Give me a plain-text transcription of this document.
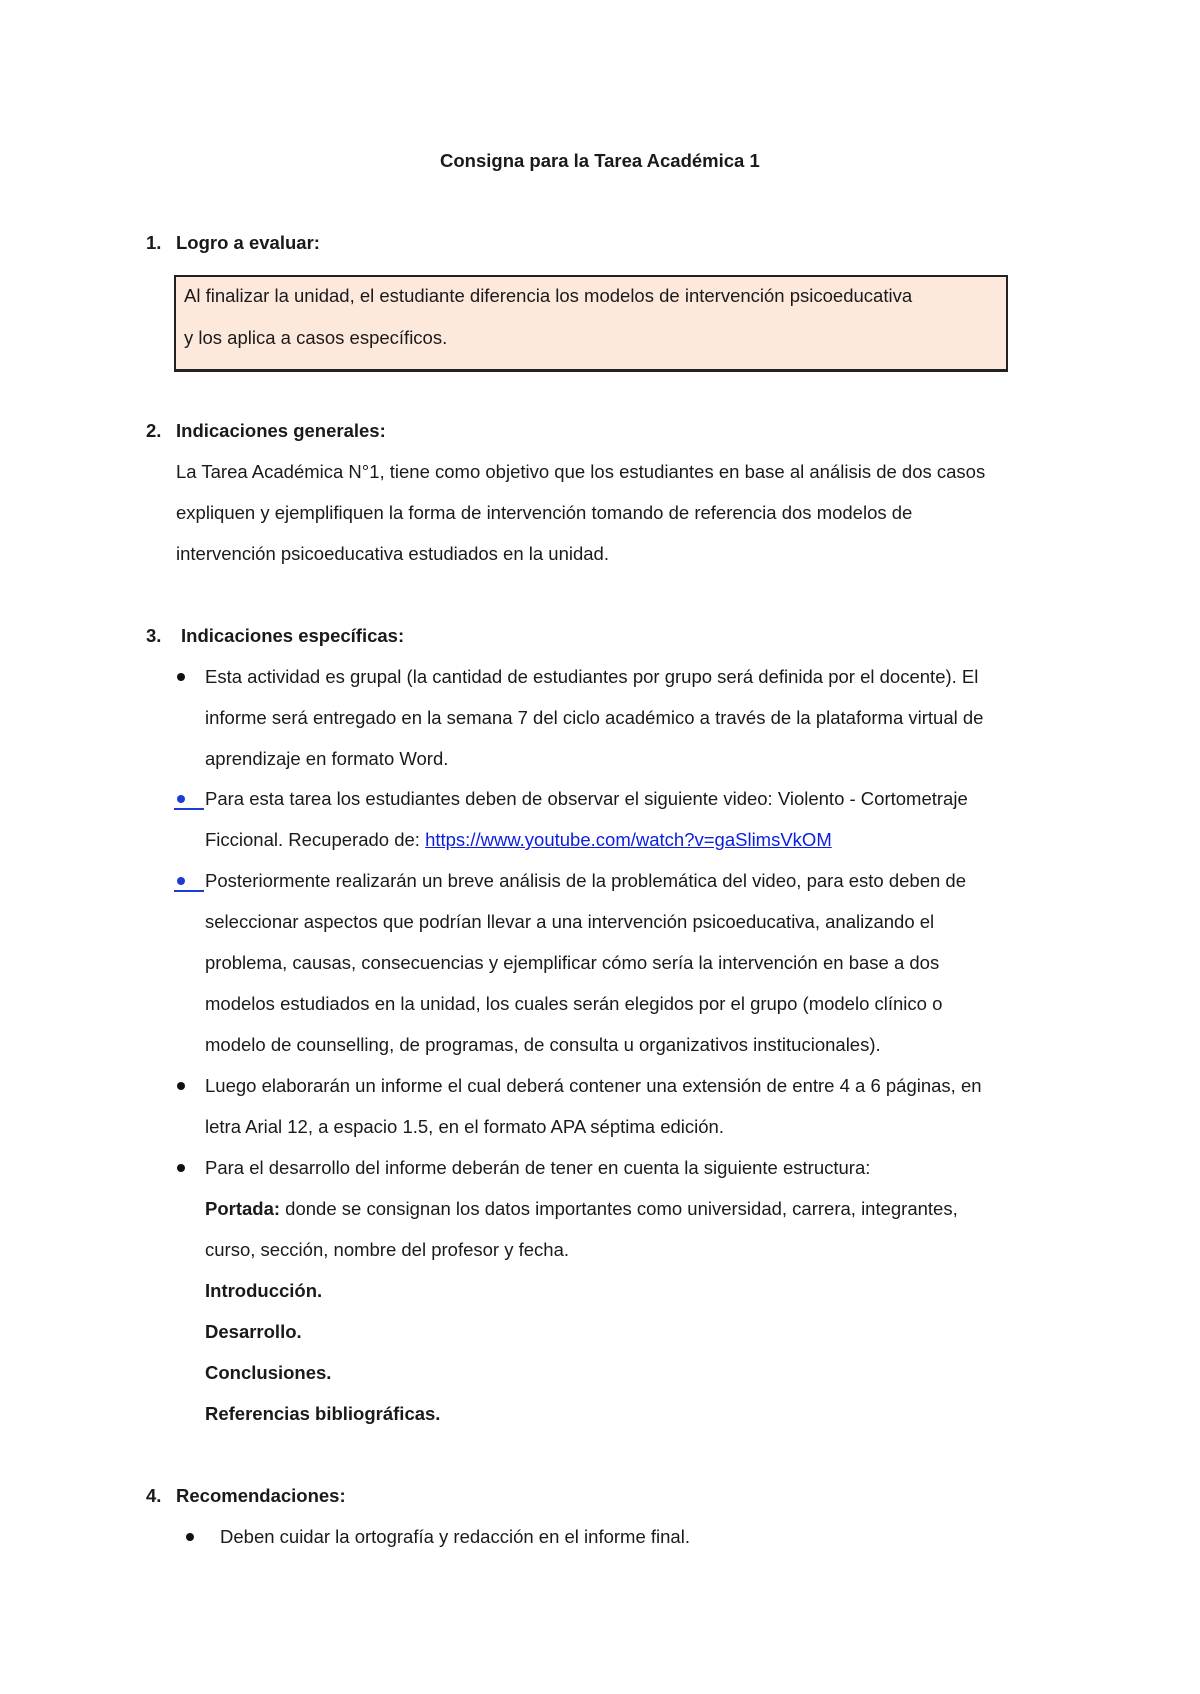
Consigna para la Tarea Académica 1
1. Logro a evaluar:
Al finalizar la unidad, el estudiante diferencia los modelos de intervención psicoeducativa
y los aplica a casos específicos.
2. Indicaciones generales:
La Tarea Académica N°1, tiene como objetivo que los estudiantes en base al análisis de dos casos
expliquen y ejemplifiquen la forma de intervención tomando de referencia dos modelos de
intervención psicoeducativa estudiados en la unidad.
3. Indicaciones específicas:
Esta actividad es grupal (la cantidad de estudiantes por grupo será definida por el docente). El
informe será entregado en la semana 7 del ciclo académico a través de la plataforma virtual de
aprendizaje en formato Word.
Para esta tarea los estudiantes deben de observar el siguiente video: Violento - Cortometraje
Ficcional. Recuperado de: https://www.youtube.com/watch?v=gaSlimsVkOM
Posteriormente realizarán un breve análisis de la problemática del video, para esto deben de
seleccionar aspectos que podrían llevar a una intervención psicoeducativa, analizando el
problema, causas, consecuencias y ejemplificar cómo sería la intervención en base a dos
modelos estudiados en la unidad, los cuales serán elegidos por el grupo (modelo clínico o
modelo de counselling, de programas, de consulta u organizativos institucionales).
Luego elaborarán un informe el cual deberá contener una extensión de entre 4 a 6 páginas, en
letra Arial 12, a espacio 1.5, en el formato APA séptima edición.
Para el desarrollo del informe deberán de tener en cuenta la siguiente estructura:
Portada: donde se consignan los datos importantes como universidad, carrera, integrantes,
curso, sección, nombre del profesor y fecha.
Introducción.
Desarrollo.
Conclusiones.
Referencias bibliográficas.
4. Recomendaciones:
Deben cuidar la ortografía y redacción en el informe final.
